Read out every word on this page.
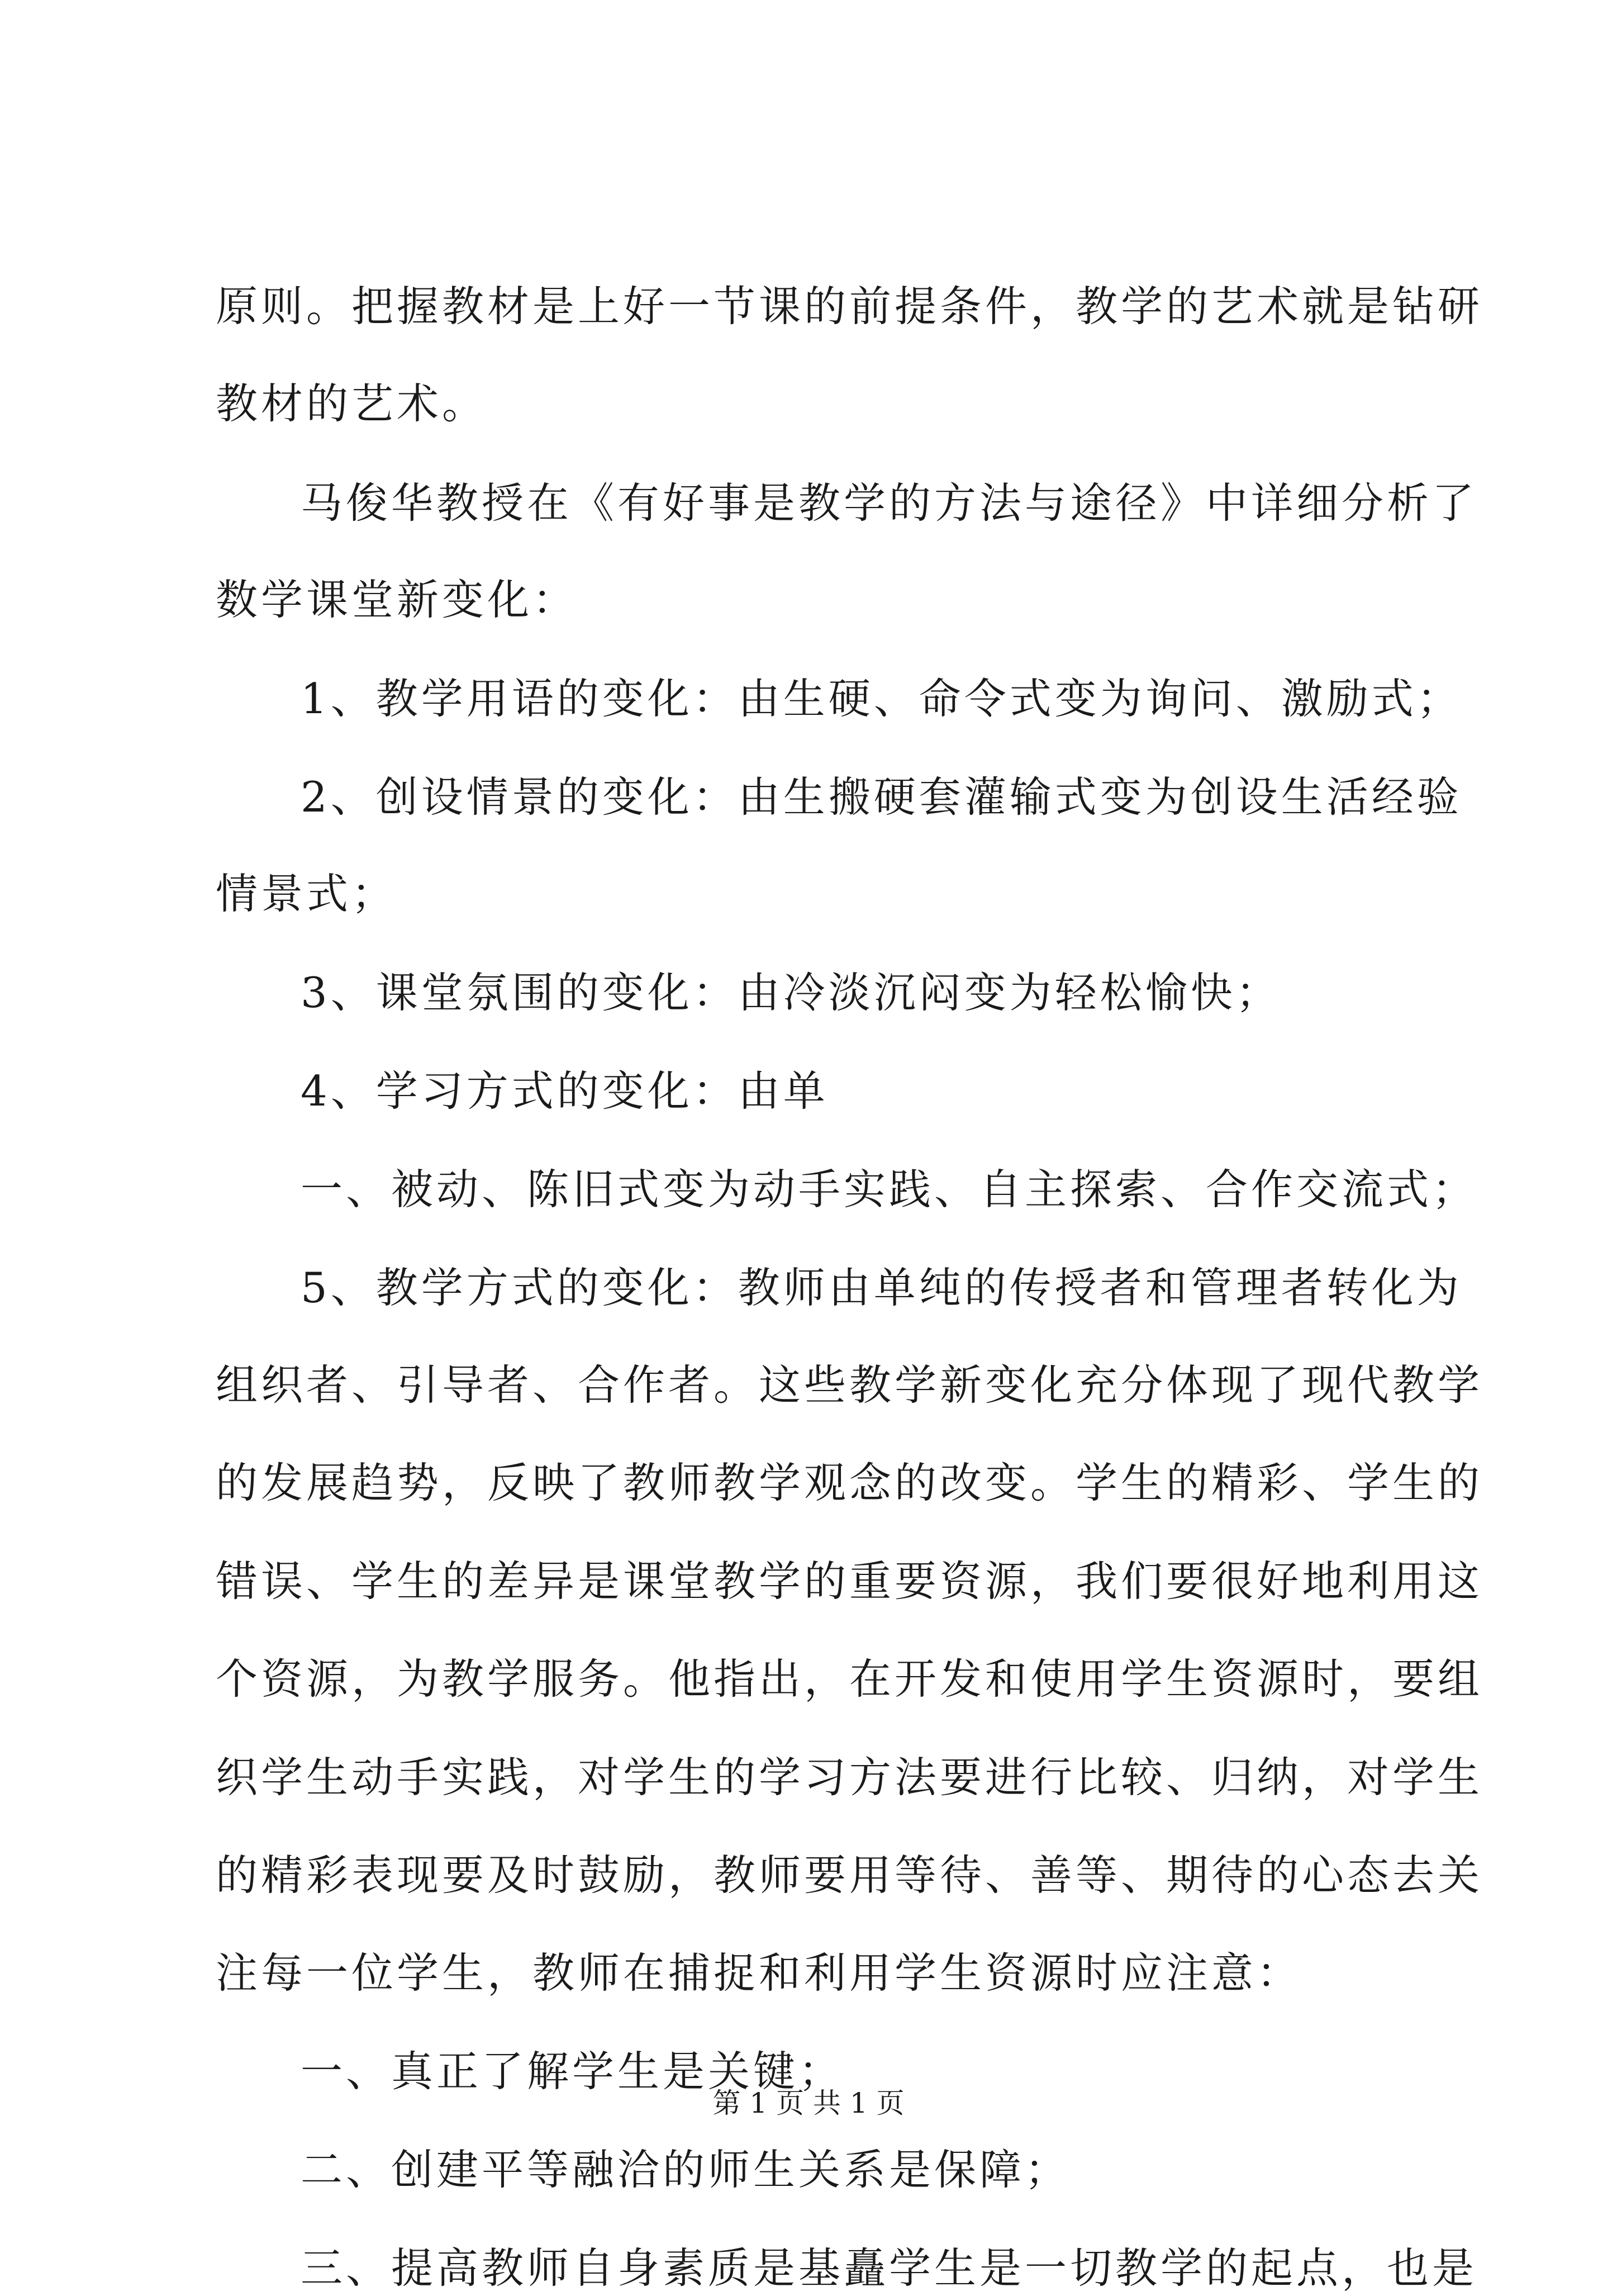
原则。把握教材是上好一节课的前提条件，教学的艺术就是钻研
教材的艺术。
马俊华教授在《有好事是教学的方法与途径》中详细分析了
数学课堂新变化：
1、教学用语的变化：由生硬、命令式变为询问、激励式；
2、创设情景的变化：由生搬硬套灌输式变为创设生活经验
情景式；
3、课堂氛围的变化：由冷淡沉闷变为轻松愉快；
4、学习方式的变化：由单
一、被动、陈旧式变为动手实践、自主探索、合作交流式；
5、教学方式的变化：教师由单纯的传授者和管理者转化为
组织者、引导者、合作者。这些教学新变化充分体现了现代教学
的发展趋势，反映了教师教学观念的改变。学生的精彩、学生的
错误、学生的差异是课堂教学的重要资源，我们要很好地利用这
个资源，为教学服务。他指出，在开发和使用学生资源时，要组
织学生动手实践，对学生的学习方法要进行比较、归纳，对学生
的精彩表现要及时鼓励，教师要用等待、善等、期待的心态去关
注每一位学生，教师在捕捉和利用学生资源时应注意：
一、真正了解学生是关键；
二、创建平等融洽的师生关系是保障；
三、提高教师自身素质是基矗学生是一切教学的起点，也是
第 1 页 共 1 页
